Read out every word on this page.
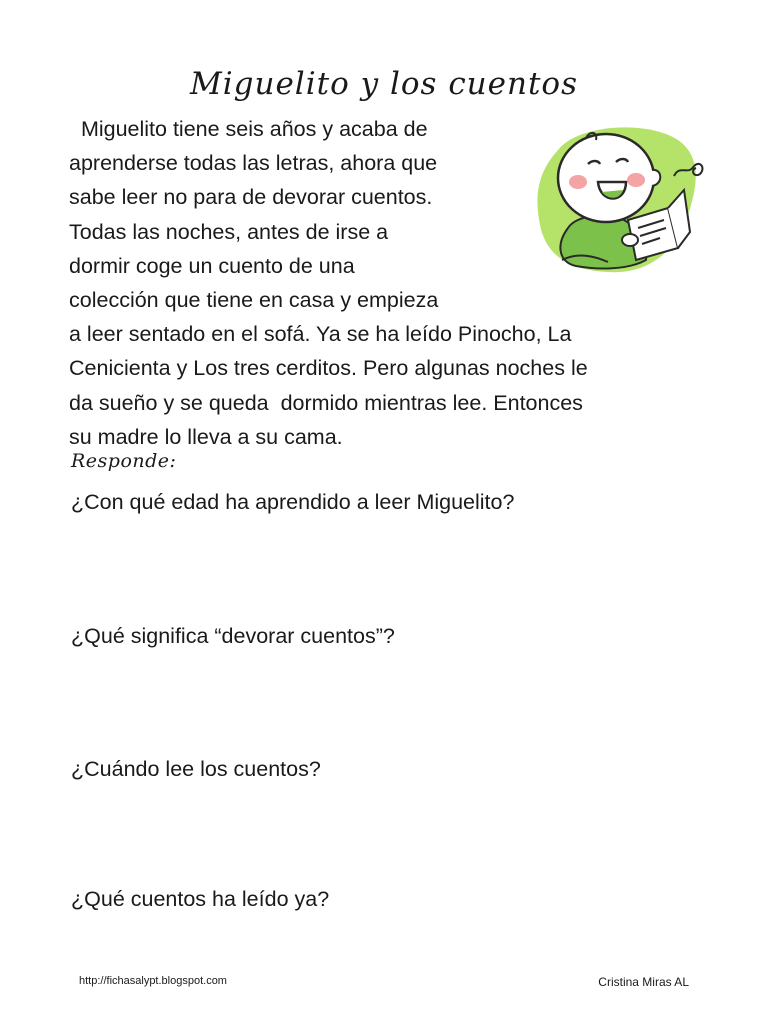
Miguelito y los cuentos
Miguelito tiene seis años y acaba de
aprenderse todas las letras, ahora que
sabe leer no para de devorar cuentos.
Todas las noches, antes de irse a
dormir coge un cuento de una
colección que tiene en casa y empieza
a leer sentado en el sofá. Ya se ha leído Pinocho, La
Cenicienta y Los tres cerditos. Pero algunas noches le
da sueño y se queda  dormido mientras lee. Entonces
su madre lo lleva a su cama.
Responde:
¿Con qué edad ha aprendido a leer Miguelito?
¿Qué significa “devorar cuentos”?
¿Cuándo lee los cuentos?
¿Qué cuentos ha leído ya?
http://fichasalypt.blogspot.com	Cristina Miras AL
